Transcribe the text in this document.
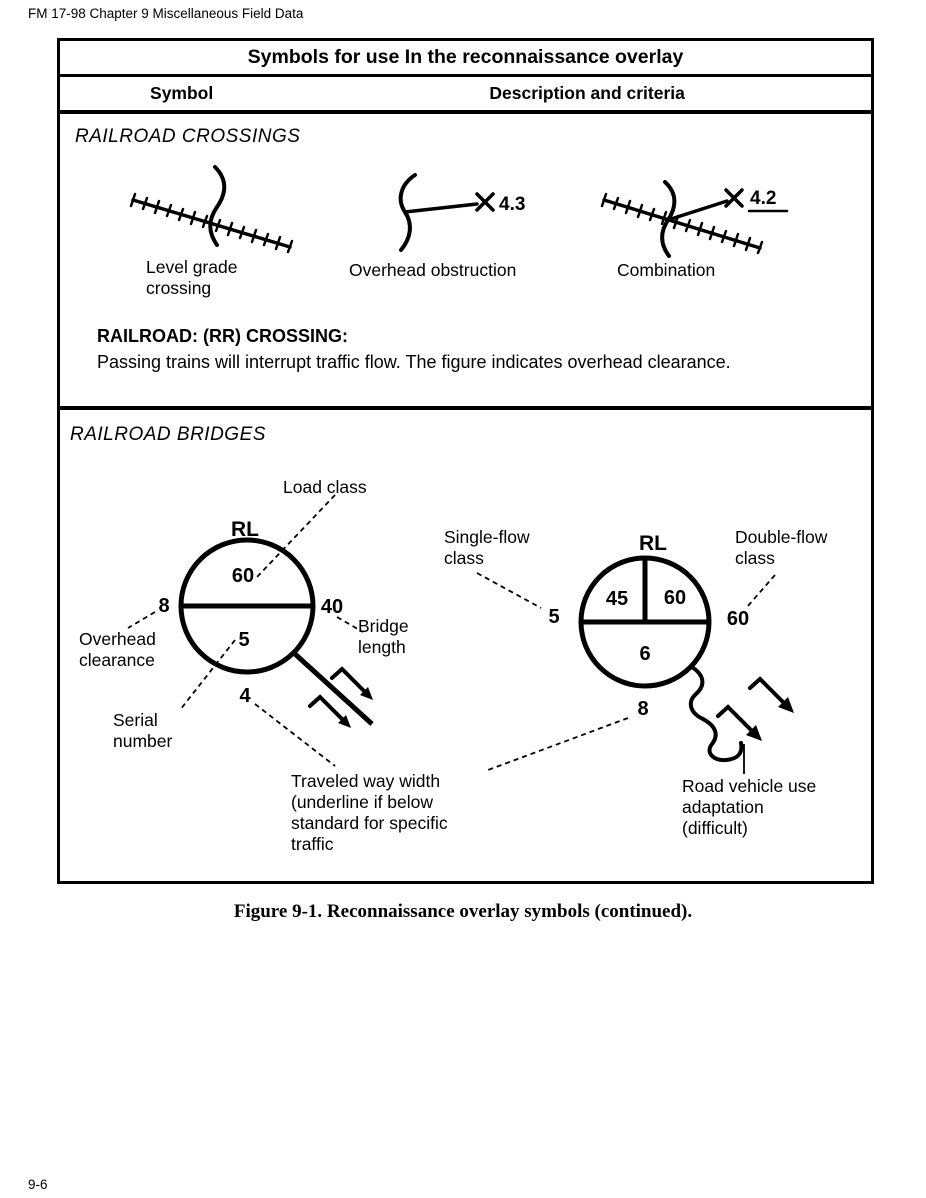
FM 17-98 Chapter 9 Miscellaneous Field Data
Symbols for use In the reconnaissance overlay
Symbol	Description and criteria
RAILROAD CROSSINGS
Level grade crossing
4.3
Overhead obstruction
4.2
Combination
RAILROAD: (RR) CROSSING:
Passing trains will interrupt traffic flow. The figure indicates overhead clearance.
RAILROAD BRIDGES
RL
60
5
8	40
4
RL
45 60
6
5	60
8
Load class
Overhead clearance
Serial number
Bridge length
Traveled way width (underline if below standard for specific traffic
Single-flow class
Double-flow class
Road vehicle use adaptation (difficult)
Figure 9-1. Reconnaissance overlay symbols (continued).
9-6
